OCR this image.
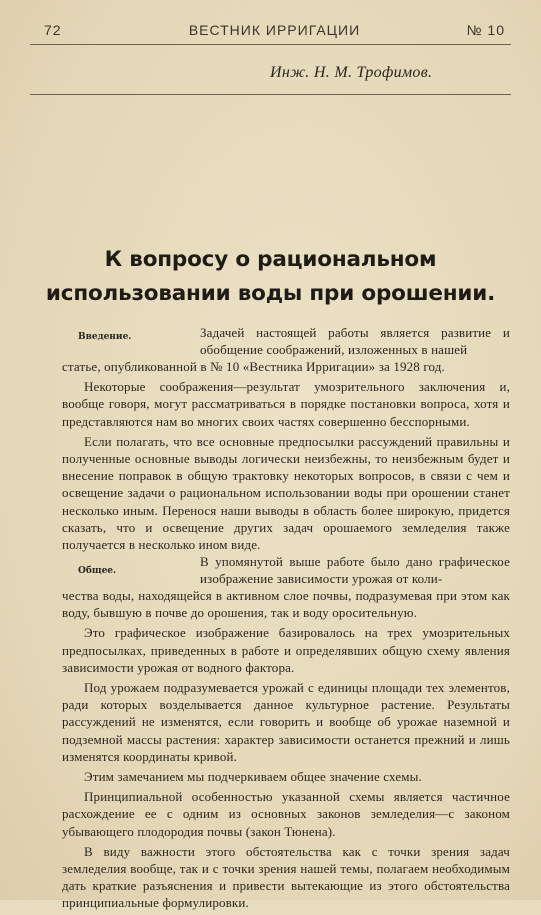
72	ВЕСТНИК ИРРИГАЦИИ	№ 10
Инж. Н. М. Трофимов.
К вопросу о рациональном использовании воды при орошении.
Введение.	Задачей настоящей работы является развитие и обобщение соображений, изложенных в нашей

статье, опубликованной в № 10 «Вестника Ирригации» за 1928 год.

Некоторые соображения—результат умозрительного заключения и, вообще говоря, могут рассматриваться в порядке постановки вопроса, хотя и представляются нам во многих своих частях совершенно бесспорными.

Если полагать, что все основные предпосылки рассуждений правильны и полученные основные выводы логически неизбежны, то неизбежным будет и внесение поправок в общую трактовку некоторых вопросов, в связи с чем и освещение задачи о рациональном использовании воды при орошении станет несколько иным. Перенося наши выводы в область более широкую, придется сказать, что и освещение других задач орошаемого земледелия также получается в несколько ином виде.

Общее.
В упомянутой выше работе было дано графическое изображение зависимости урожая от коли-

чества воды, находящейся в активном слое почвы, подразумевая при этом как воду, бывшую в почве до орошения, так и воду оросительную.

Это графическое изображение базировалось на трех умозрительных предпосылках, приведенных в работе и определявших общую схему явления зависимости урожая от водного фактора.

Под урожаем подразумевается урожай с единицы площади тех элементов, ради которых возделывается данное культурное растение. Результаты рассуждений не изменятся, если говорить и вообще об урожае наземной и подземной массы растения: характер зависимости останется прежний и лишь изменятся координаты кривой.

Этим замечанием мы подчеркиваем общее значение схемы.

Принципиальной особенностью указанной схемы является частичное расхождение ее с одним из основных законов земледелия—с законом убывающего плодородия почвы (закон Тюнена).

В виду важности этого обстоятельства как с точки зрения задач земледелия вообще, так и с точки зрения нашей темы, полагаем необходимым дать краткие разъяснения и привести вытекающие из этого обстоятельства принципиальные формулировки.
